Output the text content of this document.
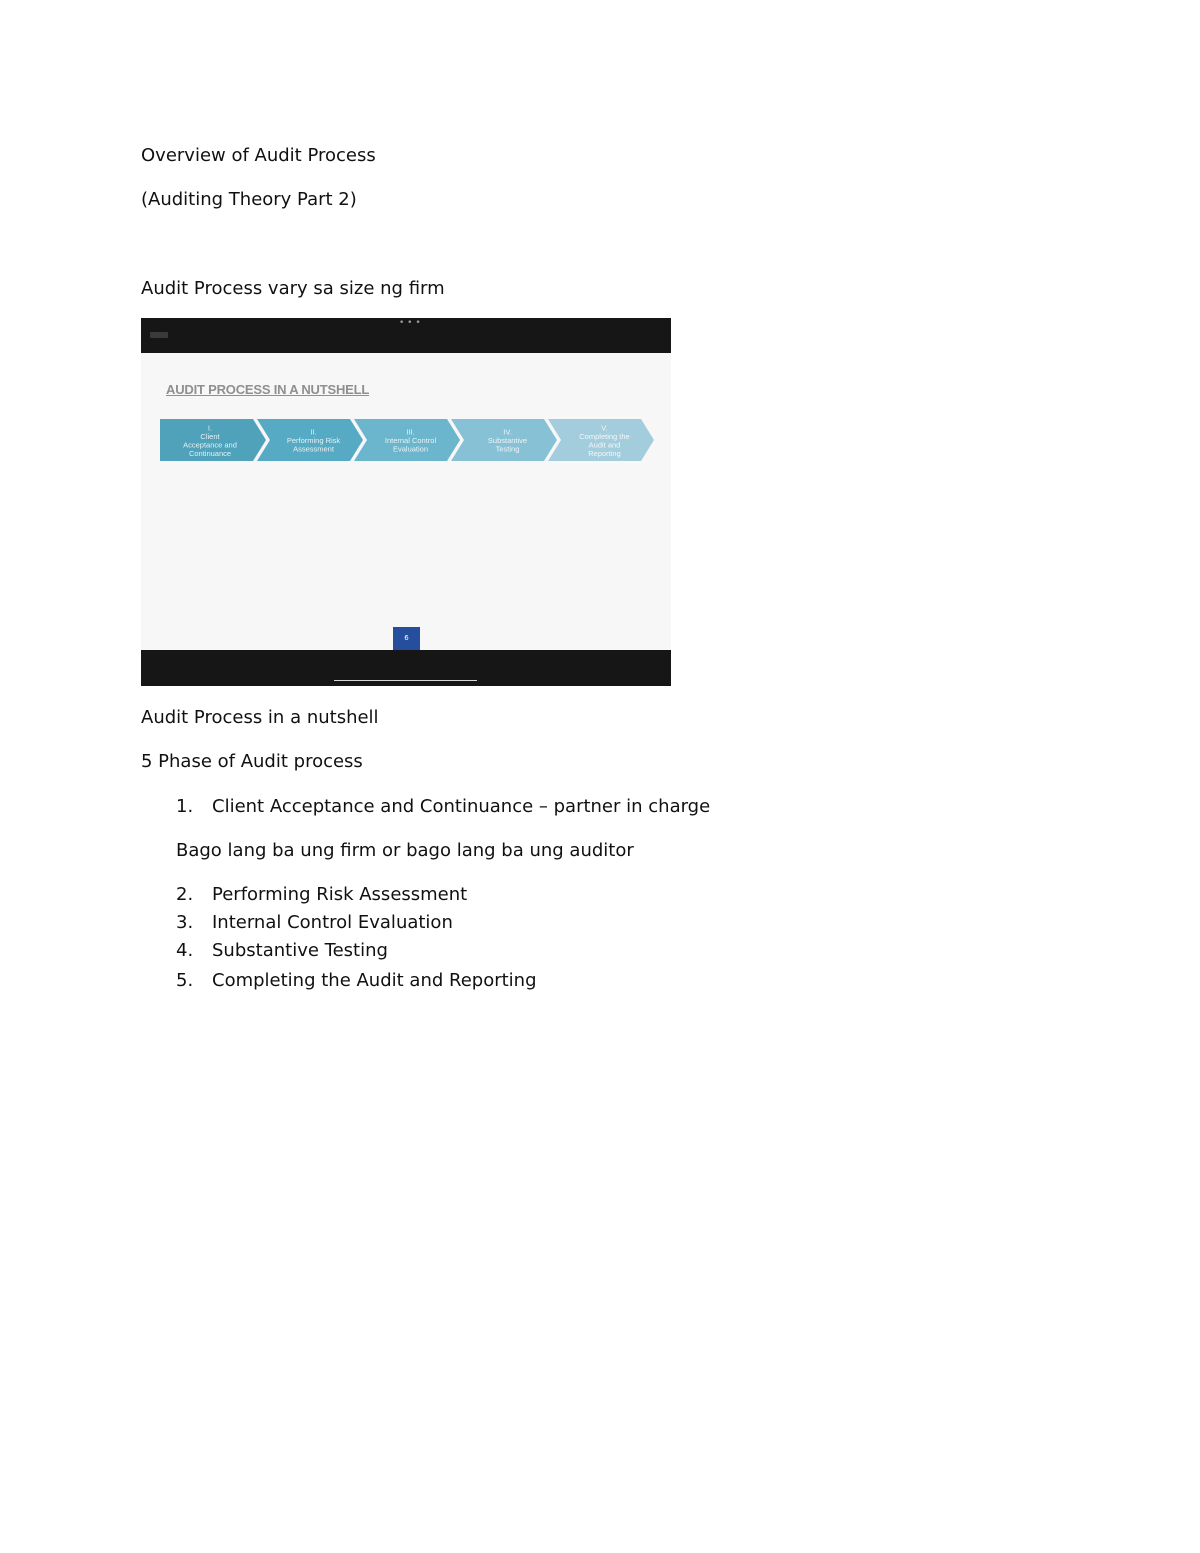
Overview of Audit Process
(Auditing Theory Part 2)
Audit Process vary sa size ng firm
• • •
AUDIT PROCESS IN A NUTSHELL
I.
Client
Acceptance and
Continuance
II.
Performing Risk
Assessment
III.
Internal Control
Evaluation
IV.
Substantive
Testing
V.
Completing the
Audit and
Reporting
6
Audit Process in a nutshell
5 Phase of Audit process
1. Client Acceptance and Continuance – partner in charge
Bago lang ba ung firm or bago lang ba ung auditor
2. Performing Risk Assessment
3. Internal Control Evaluation
4. Substantive Testing
5. Completing the Audit and Reporting
